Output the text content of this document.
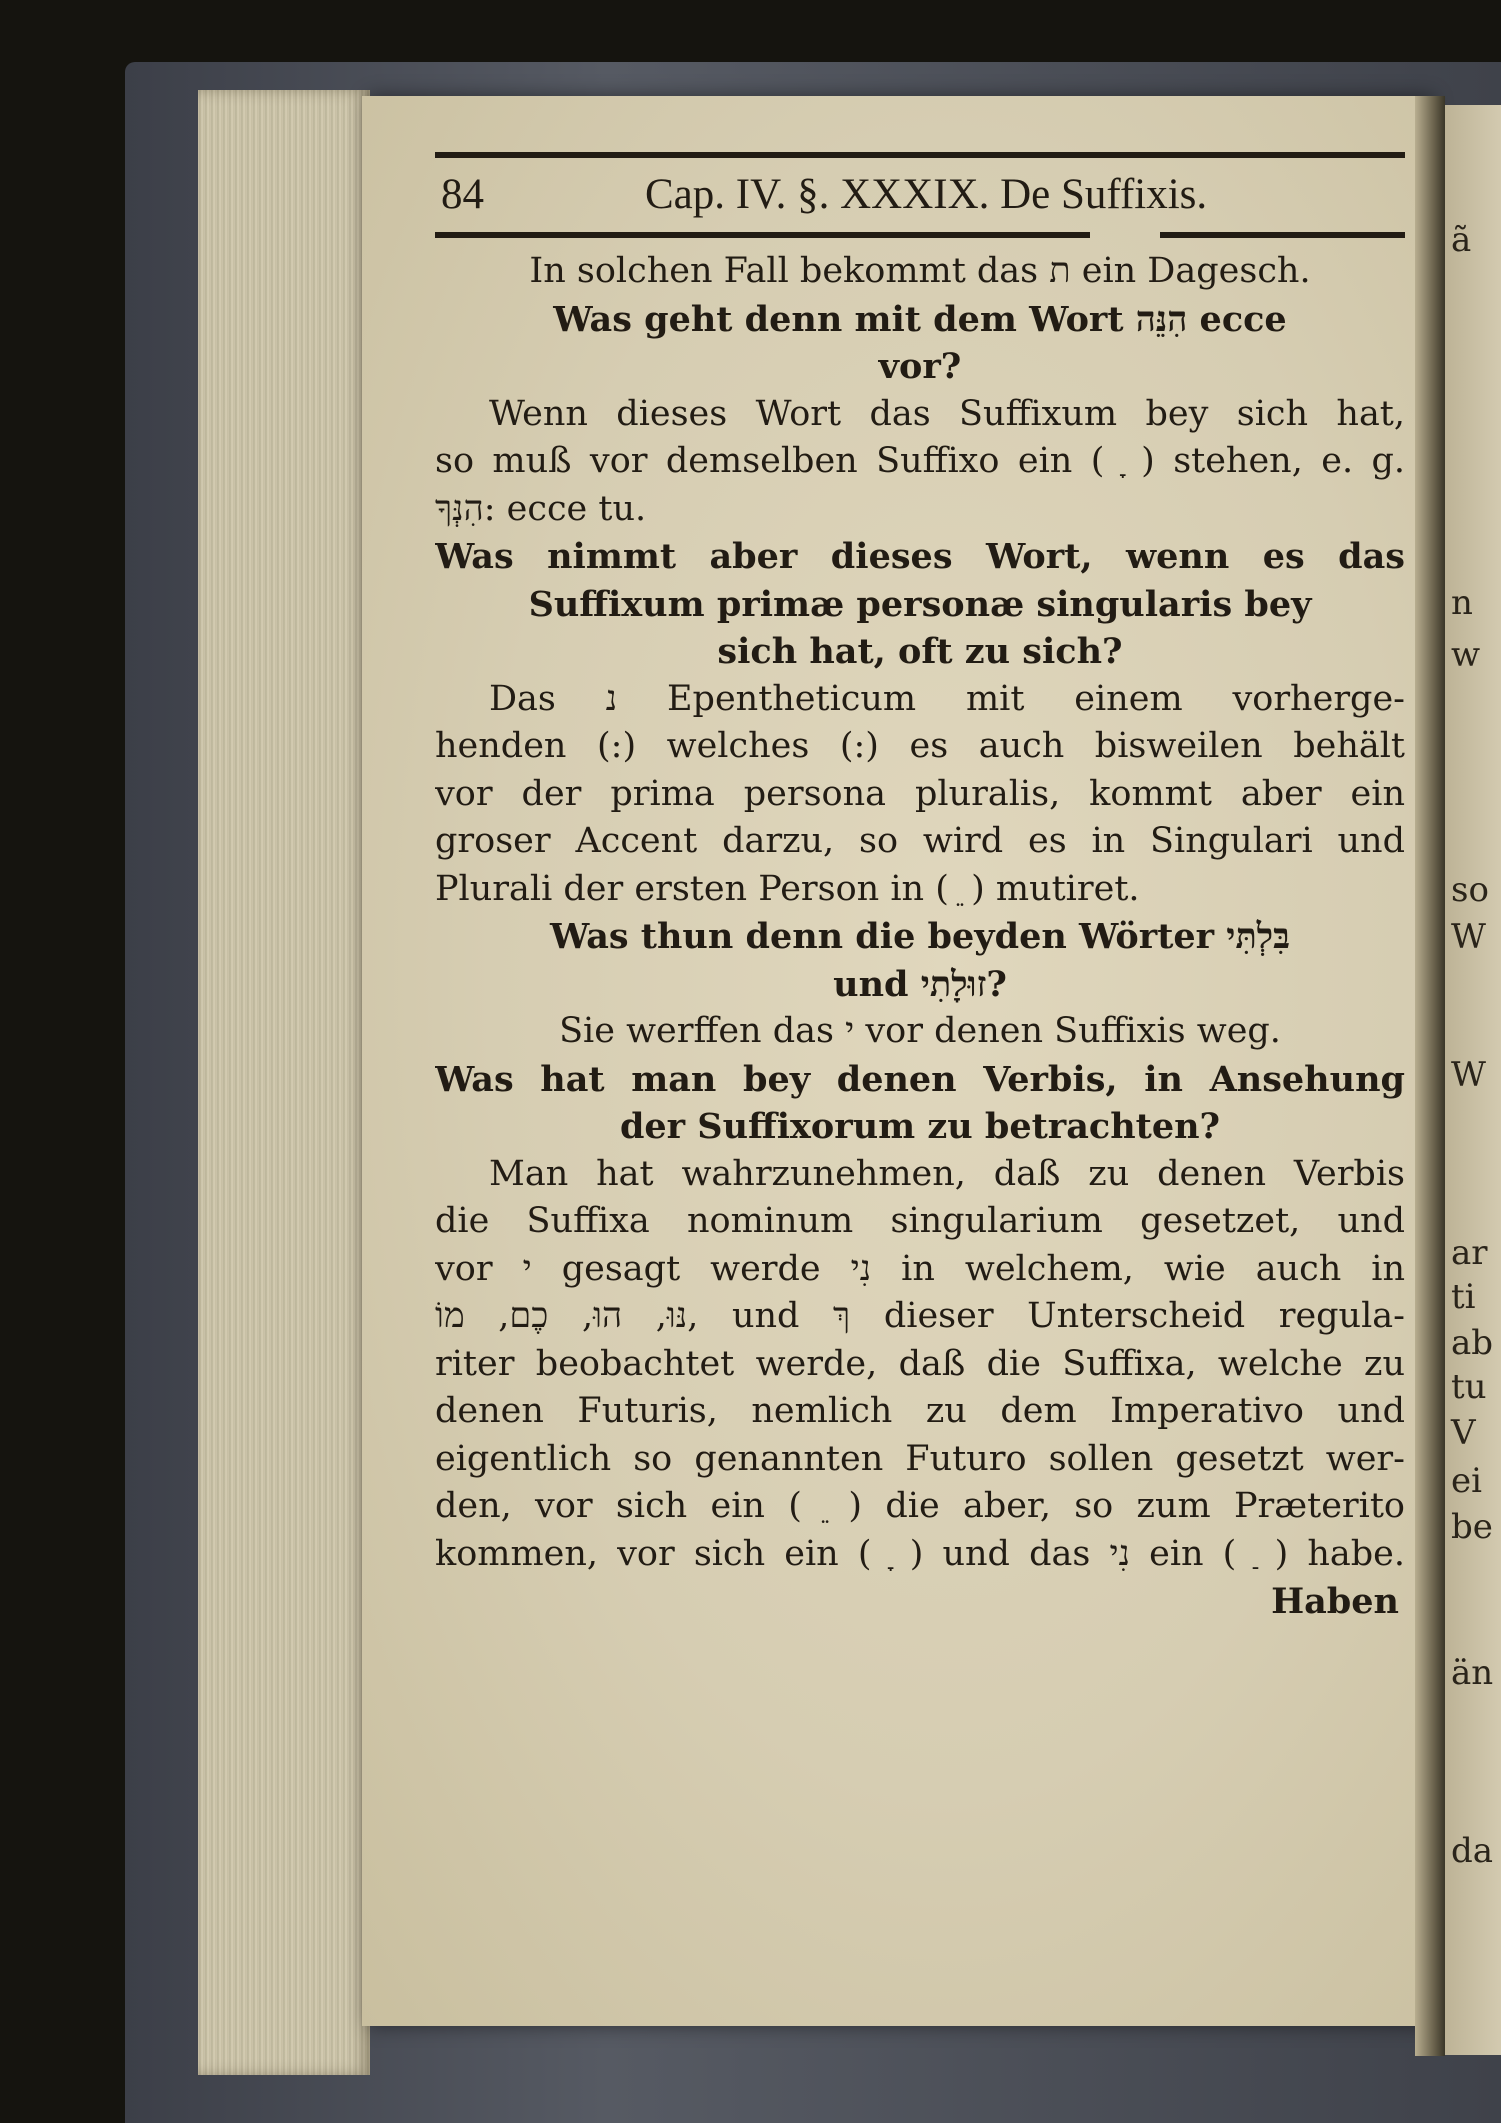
ã
n
w
so
W
W
ar
ti
ab
tu
V
ei
be
än
da
84	Cap. IV. §. XXXIX. De Suffixis.
In solchen Fall bekommt das ת ein Dagesch.
Was geht denn mit dem Wort הִנֵּה ecce
vor?
Wenn dieses Wort das Suffixum bey sich hat,
so muß vor demselben Suffixo ein ( ָ ) stehen, e. g.
הִנְּךָ: ecce tu.
Was nimmt aber dieses Wort, wenn es das
Suffixum primæ personæ singularis bey
sich hat, oft zu sich?
Das נ Epentheticum mit einem vorherge-
henden (:) welches (:) es auch bisweilen behält
vor der prima persona pluralis, kommt aber ein
groser Accent darzu, so wird es in Singulari und
Plurali der ersten Person in ( ֵ ) mutiret.
Was thun denn die beyden Wörter בִּלְתִּי
und זוּלָתִי?
Sie werffen das י vor denen Suffixis weg.
Was hat man bey denen Verbis, in Ansehung
der Suffixorum zu betrachten?
Man hat wahrzunehmen, daß zu denen Verbis
die Suffixa nominum singularium gesetzet, und
vor י gesagt werde נִי in welchem, wie auch in
נּוּ, הוּ, כֶם, מוֹ, und ךְ dieser Unterscheid regula-
riter beobachtet werde, daß die Suffixa, welche zu
denen Futuris, nemlich zu dem Imperativo und
eigentlich so genannten Futuro sollen gesetzt wer-
den, vor sich ein ( ֵ ) die aber, so zum Præterito
kommen, vor sich ein ( ָ ) und das נִי ein ( ַ ) habe.
Haben
